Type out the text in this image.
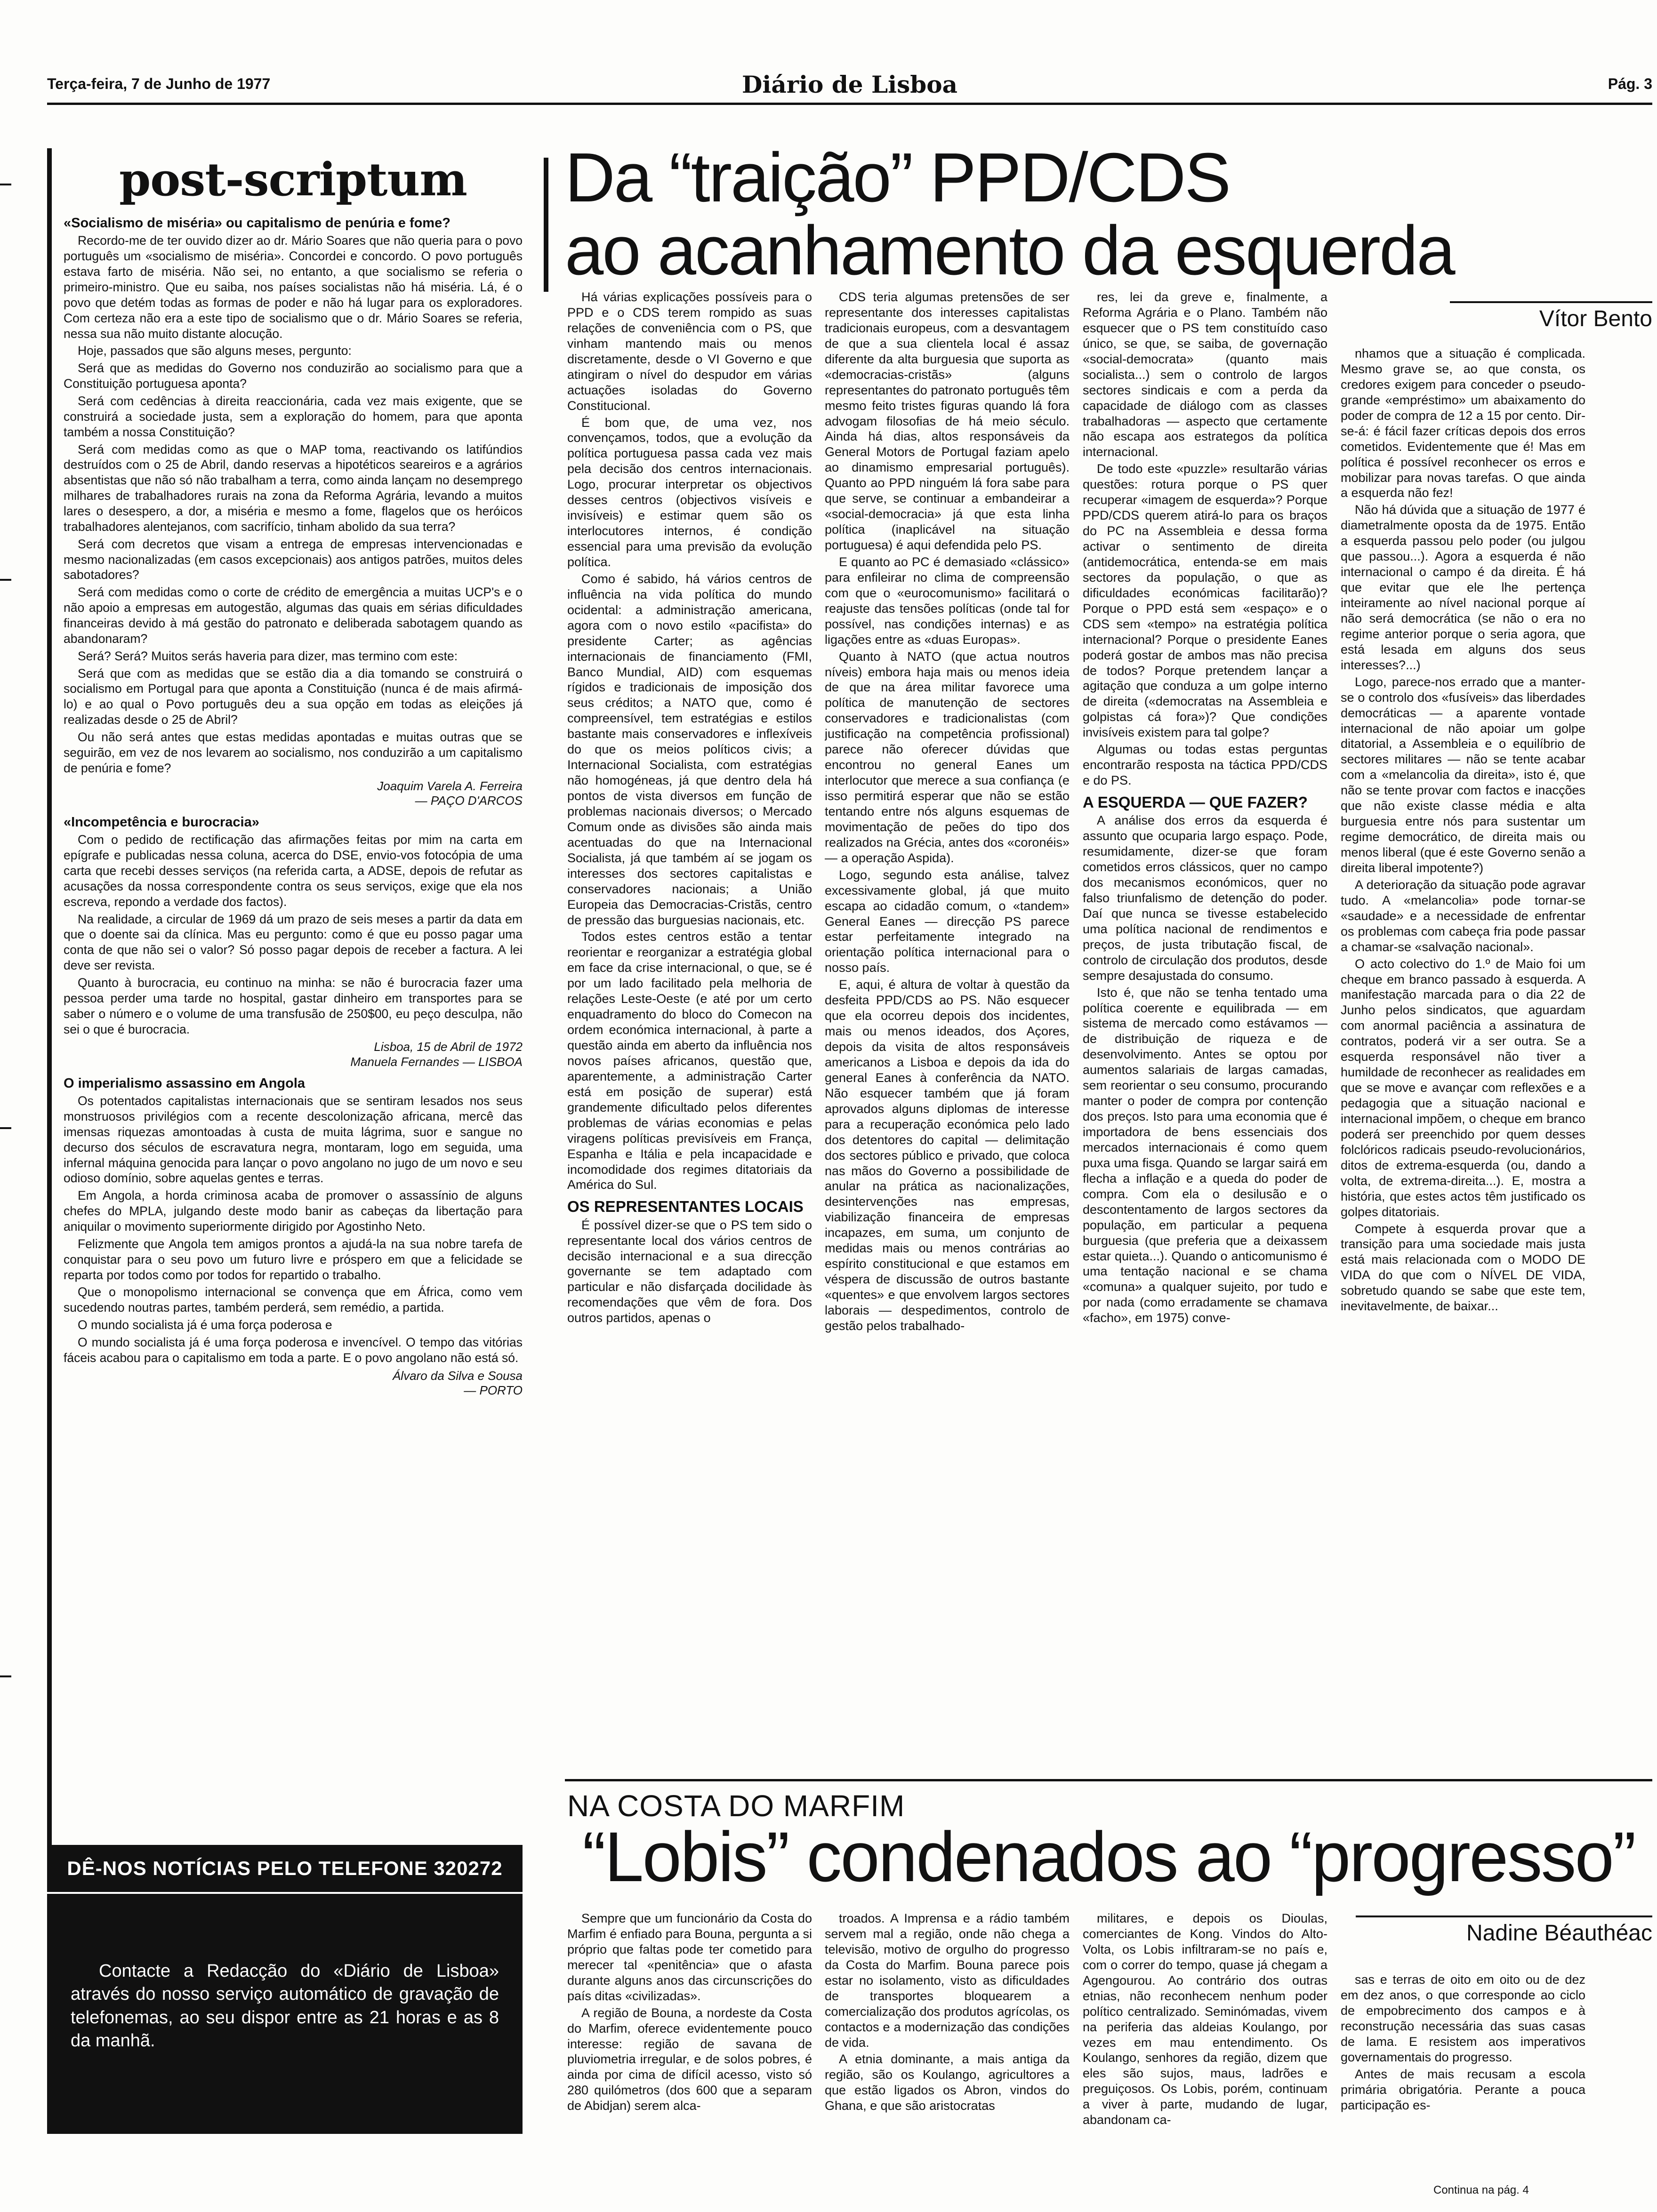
Terça-feira, 7 de Junho de 1977	Diário de Lisboa	Pág. 3
post-scriptum
«Socialismo de miséria» ou capitalismo de penúria e fome?

Recordo-me de ter ouvido dizer ao dr. Mário Soares que não queria para o povo português um «socialismo de miséria». Concordei e concordo. O povo português estava farto de miséria. Não sei, no entanto, a que socialismo se referia o primeiro-ministro. Que eu saiba, nos países socialistas não há miséria. Lá, é o povo que detém todas as formas de poder e não há lugar para os exploradores. Com certeza não era a este tipo de socialismo que o dr. Mário Soares se referia, nessa sua não muito distante alocução.

Hoje, passados que são alguns meses, pergunto:

Será que as medidas do Governo nos conduzirão ao socialismo para que a Constituição portuguesa aponta?

Será com cedências à direita reaccionária, cada vez mais exigente, que se construirá a sociedade justa, sem a exploração do homem, para que aponta também a nossa Constituição?

Será com medidas como as que o MAP toma, reactivando os latifúndios destruídos com o 25 de Abril, dando reservas a hipotéticos seareiros e a agrários absentistas que não só não trabalham a terra, como ainda lançam no desemprego milhares de trabalhadores rurais na zona da Reforma Agrária, levando a muitos lares o desespero, a dor, a miséria e mesmo a fome, flagelos que os heróicos trabalhadores alentejanos, com sacrifício, tinham abolido da sua terra?

Será com decretos que visam a entrega de empresas intervencionadas e mesmo nacionalizadas (em casos excepcionais) aos antigos patrões, muitos deles sabotadores?

Será com medidas como o corte de crédito de emergência a muitas UCP's e o não apoio a empresas em autogestão, algumas das quais em sérias dificuldades financeiras devido à má gestão do patronato e deliberada sabotagem quando as abandonaram?

Será? Será? Muitos serás haveria para dizer, mas termino com este:

Será que com as medidas que se estão dia a dia tomando se construirá o socialismo em Portugal para que aponta a Constituição (nunca é de mais afirmá-lo) e ao qual o Povo português deu a sua opção em todas as eleições já realizadas desde o 25 de Abril?

Ou não será antes que estas medidas apontadas e muitas outras que se seguirão, em vez de nos levarem ao socialismo, nos conduzirão a um capitalismo de penúria e fome?

Joaquim Varela A. Ferreira
— PAÇO D'ARCOS
«Incompetência e burocracia»

Com o pedido de rectificação das afirmações feitas por mim na carta em epígrafe e publicadas nessa coluna, acerca do DSE, envio-vos fotocópia de uma carta que recebi desses serviços (na referida carta, a ADSE, depois de refutar as acusações da nossa correspondente contra os seus serviços, exige que ela nos escreva, repondo a verdade dos factos).

Na realidade, a circular de 1969 dá um prazo de seis meses a partir da data em que o doente sai da clínica. Mas eu pergunto: como é que eu posso pagar uma conta de que não sei o valor? Só posso pagar depois de receber a factura. A lei deve ser revista.

Quanto à burocracia, eu continuo na minha: se não é burocracia fazer uma pessoa perder uma tarde no hospital, gastar dinheiro em transportes para se saber o número e o volume de uma transfusão de 250$00, eu peço desculpa, não sei o que é burocracia.

Lisboa, 15 de Abril de 1972
Manuela Fernandes — LISBOA
O imperialismo assassino em Angola

Os potentados capitalistas internacionais que se sentiram lesados nos seus monstruosos privilégios com a recente descolonização africana, mercê das imensas riquezas amontoadas à custa de muita lágrima, suor e sangue no decurso dos séculos de escravatura negra, montaram, logo em seguida, uma infernal máquina genocida para lançar o povo angolano no jugo de um novo e seu odioso domínio, sobre aquelas gentes e terras.

Em Angola, a horda criminosa acaba de promover o assassínio de alguns chefes do MPLA, julgando deste modo banir as cabeças da libertação para aniquilar o movimento superiormente dirigido por Agostinho Neto.

Felizmente que Angola tem amigos prontos a ajudá-la na sua nobre tarefa de conquistar para o seu povo um futuro livre e próspero em que a felicidade se reparta por todos como por todos for repartido o trabalho.

Que o monopolismo internacional se convença que em África, como vem sucedendo noutras partes, também perderá, sem remédio, a partida.

O mundo socialista já é uma força poderosa e

O mundo socialista já é uma força poderosa e invencível. O tempo das vitórias fáceis acabou para o capitalismo em toda a parte. E o povo angolano não está só.

Álvaro da Silva e Sousa
— PORTO
DÊ-NOS NOTÍCIAS PELO TELEFONE 320272

Contacte a Redacção do «Diário de Lisboa» através do nosso serviço automático de gravação de telefonemas, ao seu dispor entre as 21 horas e as 8 da manhã.

Da “traição” PPD/CDS
ao acanhamento da esquerda
Vítor Bento

Há várias explicações possíveis para o PPD e o CDS terem rompido as suas relações de conveniência com o PS, que vinham mantendo mais ou menos discretamente, desde o VI Governo e que atingiram o nível do despudor em várias actuações isoladas do Governo Constitucional.

É bom que, de uma vez, nos convençamos, todos, que a evolução da política portuguesa passa cada vez mais pela decisão dos centros internacionais. Logo, procurar interpretar os objectivos desses centros (objectivos visíveis e invisíveis) e estimar quem são os interlocutores internos, é condição essencial para uma previsão da evolução política.

Como é sabido, há vários centros de influência na vida política do mundo ocidental: a administração americana, agora com o novo estilo «pacifista» do presidente Carter; as agências internacionais de financiamento (FMI, Banco Mundial, AID) com esquemas rígidos e tradicionais de imposição dos seus créditos; a NATO que, como é compreensível, tem estratégias e estilos bastante mais conservadores e inflexíveis do que os meios políticos civis; a Internacional Socialista, com estratégias não homogéneas, já que dentro dela há pontos de vista diversos em função de problemas nacionais diversos; o Mercado Comum onde as divisões são ainda mais acentuadas do que na Internacional Socialista, já que também aí se jogam os interesses dos sectores capitalistas e conservadores nacionais; a União Europeia das Democracias-Cristãs, centro de pressão das burguesias nacionais, etc.

Todos estes centros estão a tentar reorientar e reorganizar a estratégia global em face da crise internacional, o que, se é por um lado facilitado pela melhoria de relações Leste-Oeste (e até por um certo enquadramento do bloco do Comecon na ordem económica internacional, à parte a questão ainda em aberto da influência nos novos países africanos, questão que, aparentemente, a administração Carter está em posição de superar) está grandemente dificultado pelos diferentes problemas de várias economias e pelas viragens políticas previsíveis em França, Espanha e Itália e pela incapacidade e incomodidade dos regimes ditatoriais da América do Sul.

OS REPRESENTANTES LOCAIS

É possível dizer-se que o PS tem sido o representante local dos vários centros de decisão internacional e a sua direcção governante se tem adaptado com particular e não disfarçada docilidade às recomendações que vêm de fora. Dos outros partidos, apenas o

CDS teria algumas pretensões de ser representante dos interesses capitalistas tradicionais europeus, com a desvantagem de que a sua clientela local é assaz diferente da alta burguesia que suporta as «democracias-cristãs» (alguns representantes do patronato português têm mesmo feito tristes figuras quando lá fora advogam filosofias de há meio século. Ainda há dias, altos responsáveis da General Motors de Portugal faziam apelo ao dinamismo empresarial português). Quanto ao PPD ninguém lá fora sabe para que serve, se continuar a embandeirar a «social-democracia» já que esta linha política (inaplicável na situação portuguesa) é aqui defendida pelo PS.

E quanto ao PC é demasiado «clássico» para enfileirar no clima de compreensão com que o «eurocomunismo» facilitará o reajuste das tensões políticas (onde tal for possível, nas condições internas) e as ligações entre as «duas Europas».

Quanto à NATO (que actua noutros níveis) embora haja mais ou menos ideia de que na área militar favorece uma política de manutenção de sectores conservadores e tradicionalistas (com justificação na competência profissional) parece não oferecer dúvidas que encontrou no general Eanes um interlocutor que merece a sua confiança (e isso permitirá esperar que não se estão tentando entre nós alguns esquemas de movimentação de peões do tipo dos realizados na Grécia, antes dos «coronéis» — a operação Aspida).

Logo, segundo esta análise, talvez excessivamente global, já que muito escapa ao cidadão comum, o «tandem» General Eanes — direcção PS parece estar perfeitamente integrado na orientação política internacional para o nosso país.

E, aqui, é altura de voltar à questão da desfeita PPD/CDS ao PS. Não esquecer que ela ocorreu depois dos incidentes, mais ou menos ideados, dos Açores, depois da visita de altos responsáveis americanos a Lisboa e depois da ida do general Eanes à conferência da NATO. Não esquecer também que já foram aprovados alguns diplomas de interesse para a recuperação económica pelo lado dos detentores do capital — delimitação dos sectores público e privado, que coloca nas mãos do Governo a possibilidade de anular na prática as nacionalizações, desintervenções nas empresas, viabilização financeira de empresas incapazes, em suma, um conjunto de medidas mais ou menos contrárias ao espírito constitucional e que estamos em véspera de discussão de outros bastante «quentes» e que envolvem largos sectores laborais — despedimentos, controlo de gestão pelos trabalhado-

res, lei da greve e, finalmente, a Reforma Agrária e o Plano. Também não esquecer que o PS tem constituído caso único, se que, se saiba, de governação «social-democrata» (quanto mais socialista...) sem o controlo de largos sectores sindicais e com a perda da capacidade de diálogo com as classes trabalhadoras — aspecto que certamente não escapa aos estrategos da política internacional.

De todo este «puzzle» resultarão várias questões: rotura porque o PS quer recuperar «imagem de esquerda»? Porque PPD/CDS querem atirá-lo para os braços do PC na Assembleia e dessa forma activar o sentimento de direita (antidemocrática, entenda-se em mais sectores da população, o que as dificuldades económicas facilitarão)? Porque o PPD está sem «espaço» e o CDS sem «tempo» na estratégia política internacional? Porque o presidente Eanes poderá gostar de ambos mas não precisa de todos? Porque pretendem lançar a agitação que conduza a um golpe interno de direita («democratas na Assembleia e golpistas cá fora»)? Que condições invisíveis existem para tal golpe?

Algumas ou todas estas perguntas encontrarão resposta na táctica PPD/CDS e do PS.

A ESQUERDA — QUE FAZER?

A análise dos erros da esquerda é assunto que ocuparia largo espaço. Pode, resumidamente, dizer-se que foram cometidos erros clássicos, quer no campo dos mecanismos económicos, quer no falso triunfalismo de detenção do poder. Daí que nunca se tivesse estabelecido uma política nacional de rendimentos e preços, de justa tributação fiscal, de controlo de circulação dos produtos, desde sempre desajustada do consumo.

Isto é, que não se tenha tentado uma política coerente e equilibrada — em sistema de mercado como estávamos — de distribuição de riqueza e de desenvolvimento. Antes se optou por aumentos salariais de largas camadas, sem reorientar o seu consumo, procurando manter o poder de compra por contenção dos preços. Isto para uma economia que é importadora de bens essenciais dos mercados internacionais é como quem puxa uma fisga. Quando se largar sairá em flecha a inflação e a queda do poder de compra. Com ela o desilusão e o descontentamento de largos sectores da população, em particular a pequena burguesia (que preferia que a deixassem estar quieta...). Quando o anticomunismo é uma tentação nacional e se chama «comuna» a qualquer sujeito, por tudo e por nada (como erradamente se chamava «facho», em 1975) conve-

nhamos que a situação é complicada. Mesmo grave se, ao que consta, os credores exigem para conceder o pseudo-grande «empréstimo» um abaixamento do poder de compra de 12 a 15 por cento. Dir-se-á: é fácil fazer críticas depois dos erros cometidos. Evidentemente que é! Mas em política é possível reconhecer os erros e mobilizar para novas tarefas. O que ainda a esquerda não fez!

Não há dúvida que a situação de 1977 é diametralmente oposta da de 1975. Então a esquerda passou pelo poder (ou julgou que passou...). Agora a esquerda é não internacional o campo é da direita. É há que evitar que ele lhe pertença inteiramente ao nível nacional porque aí não será democrática (se não o era no regime anterior porque o seria agora, que está lesada em alguns dos seus interesses?...)

Logo, parece-nos errado que a manter-se o controlo dos «fusíveis» das liberdades democráticas — a aparente vontade internacional de não apoiar um golpe ditatorial, a Assembleia e o equilíbrio de sectores militares — não se tente acabar com a «melancolia da direita», isto é, que não se tente provar com factos e inacções que não existe classe média e alta burguesia entre nós para sustentar um regime democrático, de direita mais ou menos liberal (que é este Governo senão a direita liberal impotente?)

A deterioração da situação pode agravar tudo. A «melancolia» pode tornar-se «saudade» e a necessidade de enfrentar os problemas com cabeça fria pode passar a chamar-se «salvação nacional».

O acto colectivo do 1.º de Maio foi um cheque em branco passado à esquerda. A manifestação marcada para o dia 22 de Junho pelos sindicatos, que aguardam com anormal paciência a assinatura de contratos, poderá vir a ser outra. Se a esquerda responsável não tiver a humildade de reconhecer as realidades em que se move e avançar com reflexões e a pedagogia que a situação nacional e internacional impõem, o cheque em branco poderá ser preenchido por quem desses folclóricos radicais pseudo-revolucionários, ditos de extrema-esquerda (ou, dando a volta, de extrema-direita...). E, mostra a história, que estes actos têm justificado os golpes ditatoriais.

Compete à esquerda provar que a transição para uma sociedade mais justa está mais relacionada com o MODO DE VIDA do que com o NÍVEL DE VIDA, sobretudo quando se sabe que este tem, inevitavelmente, de baixar...

NA COSTA DO MARFIM
“Lobis” condenados ao “progresso”
Nadine Béauthéac

Sempre que um funcionário da Costa do Marfim é enfiado para Bouna, pergunta a si próprio que faltas pode ter cometido para merecer tal «penitência» que o afasta durante alguns anos das circunscrições do país ditas «civilizadas».

A região de Bouna, a nordeste da Costa do Marfim, oferece evidentemente pouco interesse: região de savana de pluviometria irregular, e de solos pobres, é ainda por cima de difícil acesso, visto só 280 quilómetros (dos 600 que a separam de Abidjan) serem alca-

troados. A Imprensa e a rádio também servem mal a região, onde não chega a televisão, motivo de orgulho do progresso da Costa do Marfim. Bouna parece pois estar no isolamento, visto as dificuldades de transportes bloquearem a comercialização dos produtos agrícolas, os contactos e a modernização das condições de vida.

A etnia dominante, a mais antiga da região, são os Koulango, agricultores a que estão ligados os Abron, vindos do Ghana, e que são aristocratas

militares, e depois os Dioulas, comerciantes de Kong. Vindos do Alto-Volta, os Lobis infiltraram-se no país e, com o correr do tempo, quase já chegam a Agengourou. Ao contrário dos outras etnias, não reconhecem nenhum poder político centralizado. Seminómadas, vivem na periferia das aldeias Koulango, por vezes em mau entendimento. Os Koulango, senhores da região, dizem que eles são sujos, maus, ladrões e preguiçosos. Os Lobis, porém, continuam a viver à parte, mudando de lugar, abandonam ca-

sas e terras de oito em oito ou de dez em dez anos, o que corresponde ao ciclo de empobrecimento dos campos e à reconstrução necessária das suas casas de lama. E resistem aos imperativos governamentais do progresso.

Antes de mais recusam a escola primária obrigatória. Perante a pouca participação es-

Continua na pág. 4
